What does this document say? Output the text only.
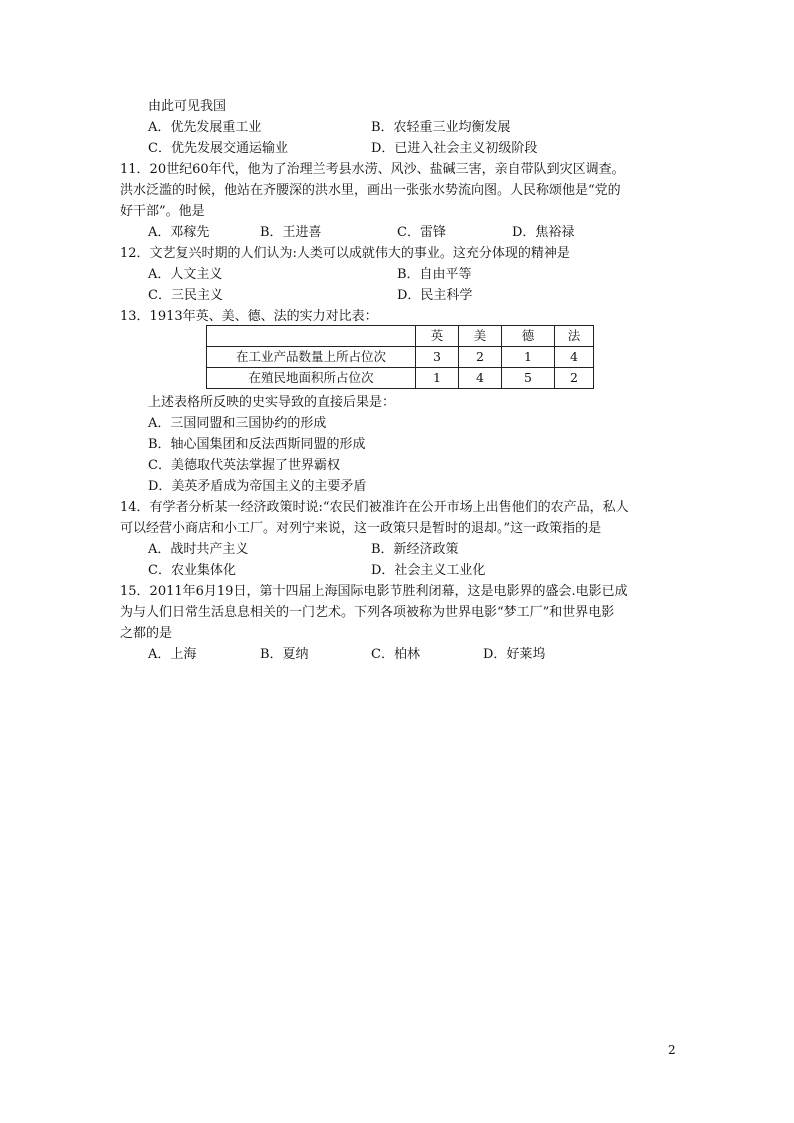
由此可见我国
A．优先发展重工业	B．农轻重三业均衡发展
C．优先发展交通运输业	D．已进入社会主义初级阶段
11．20世纪60年代，他为了治理兰考县水涝、风沙、盐碱三害，亲自带队到灾区调查。
洪水泛滥的时候，他站在齐腰深的洪水里，画出一张张水势流向图。人民称颂他是“党的
好干部”。他是
A．邓稼先	B．王进喜	C．雷锋	D．焦裕禄
12．文艺复兴时期的人们认为:人类可以成就伟大的事业。这充分体现的精神是
A．人文主义	B．自由平等
C．三民主义	D．民主科学
13．1913年英、美、德、法的实力对比表：
	英	美	德	法
在工业产品数量上所占位次	3	2	1	4
在殖民地面积所占位次	1	4	5	2
上述表格所反映的史实导致的直接后果是：
A．三国同盟和三国协约的形成
B．轴心国集团和反法西斯同盟的形成
C．美德取代英法掌握了世界霸权
D．美英矛盾成为帝国主义的主要矛盾
14．有学者分析某一经济政策时说:“农民们被准许在公开市场上出售他们的农产品，私人
可以经营小商店和小工厂。对列宁来说，这一政策只是暂时的退却。”这一政策指的是
A．战时共产主义	B．新经济政策
C．农业集体化	D．社会主义工业化
15．2011年6月19日，第十四届上海国际电影节胜利闭幕，这是电影界的盛会.电影已成
为与人们日常生活息息相关的一门艺术。下列各项被称为世界电影“梦工厂”和世界电影
之都的是
A．上海	B．夏纳	C．柏林	D．好莱坞
2
